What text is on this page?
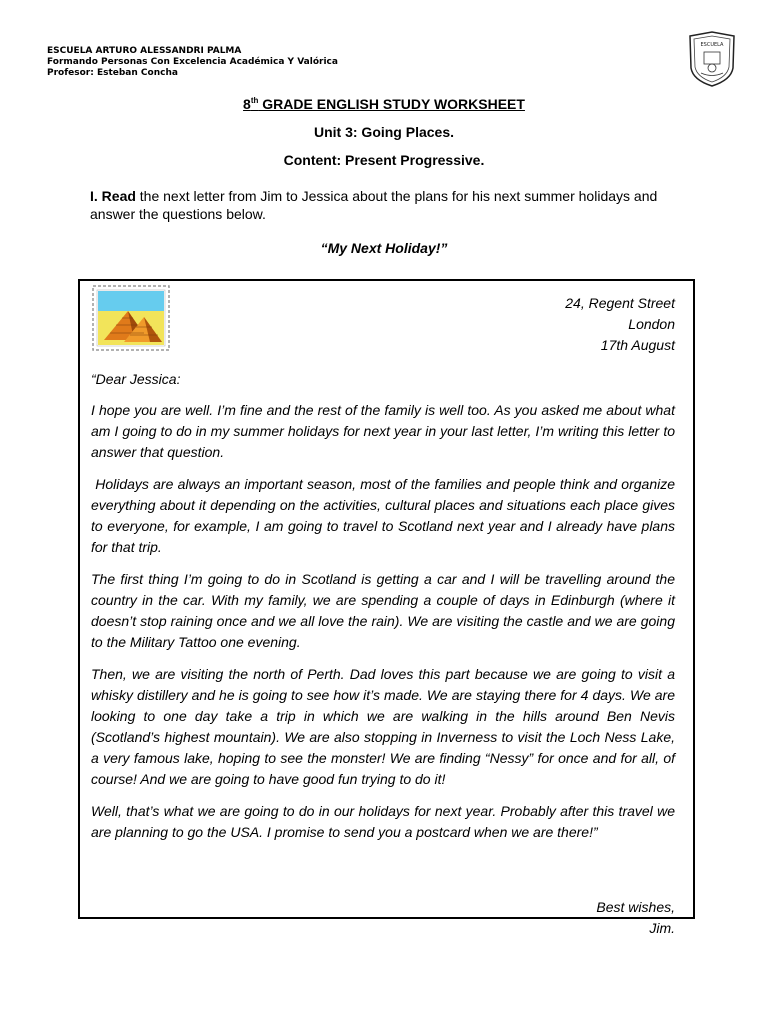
ESCUELA ARTURO ALESSANDRI PALMA
Formando Personas Con Excelencia Académica Y Valórica
Profesor: Esteban Concha
ESCUELA
8th GRADE ENGLISH STUDY WORKSHEET
Unit 3: Going Places.
Content: Present Progressive.
I. Read the next letter from Jim to Jessica about the plans for his next summer holidays and answer the questions below.
“My Next Holiday!”
24, Regent Street
London
17th August

“Dear Jessica:

I hope you are well. I’m fine and the rest of the family is well too. As you asked me about what am I going to do in my summer holidays for next year in your last letter, I’m writing this letter to answer that question.

Holidays are always an important season, most of the families and people think and organize everything about it depending on the activities, cultural places and situations each place gives to everyone, for example, I am going to travel to Scotland next year and I already have plans for that trip.

The first thing I’m going to do in Scotland is getting a car and I will be travelling around the country in the car. With my family, we are spending a couple of days in Edinburgh (where it doesn’t stop raining once and we all love the rain). We are visiting the castle and we are going to the Military Tattoo one evening.

Then, we are visiting the north of Perth. Dad loves this part because we are going to visit a whisky distillery and he is going to see how it’s made. We are staying there for 4 days. We are looking to one day take a trip in which we are walking in the hills around Ben Nevis (Scotland’s highest mountain). We are also stopping in Inverness to visit the Loch Ness Lake, a very famous lake, hoping to see the monster! We are finding “Nessy” for once and for all, of course! And we are going to have good fun trying to do it!

Well, that’s what we are going to do in our holidays for next year. Probably after this travel we are planning to go the USA. I promise to send you a postcard when we are there!”

Best wishes,
Jim.
